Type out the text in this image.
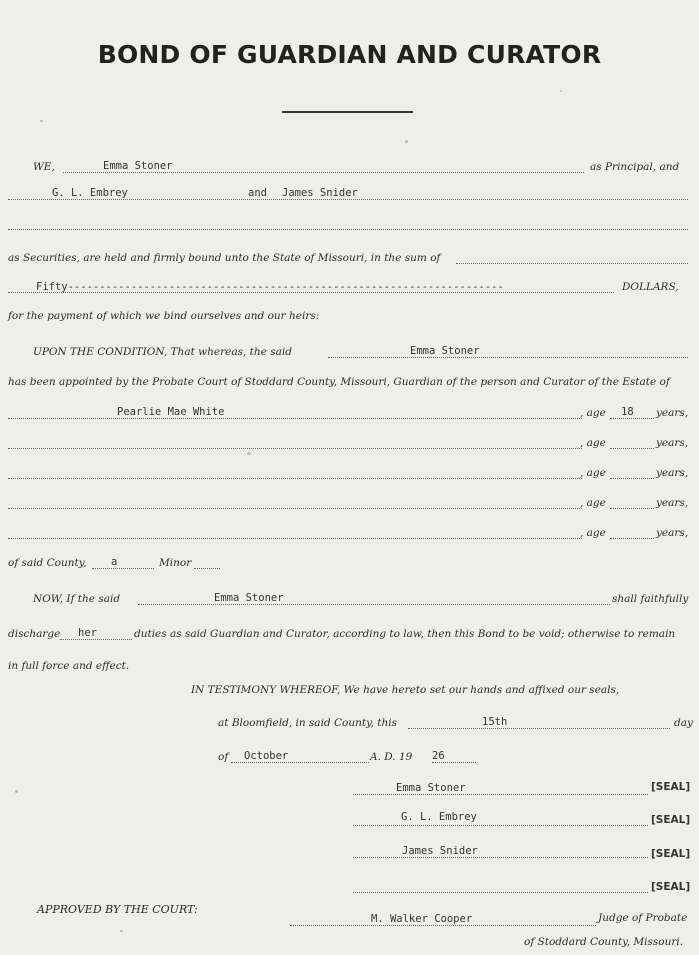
BOND OF GUARDIAN AND CURATOR
WE,	Emma Stoner	as Principal, and
G. L. Embrey	and James Snider
as Securities, are held and firmly bound unto the State of Missouri, in the sum of
Fifty---------------------------------------------------------------------	DOLLARS,
for the payment of which we bind ourselves and our heirs:
UPON THE CONDITION, That whereas, the said	Emma Stoner
has been appointed by the Probate Court of Stoddard County, Missouri, Guardian of the person and Curator of the Estate of
Pearlie Mae White	, age 18 years,
, age	years,
, age	years,
, age	years,
, age	years,
of said County, a	Minor
NOW, If the said	Emma Stoner	shall faithfully
discharge her	duties as said Guardian and Curator, according to law, then this Bond to be void; otherwise to remain
in full force and effect.
IN TESTIMONY WHEREOF, We have hereto set our hands and affixed our seals,
at Bloomfield, in said County, this	15th	day
of October	A. D. 19 26
Emma Stoner	[SEAL]
G. L. Embrey	[SEAL]
James Snider	[SEAL]
[SEAL]
APPROVED BY THE COURT:
M. Walker Cooper	Judge of Probate
of Stoddard County, Missouri.
